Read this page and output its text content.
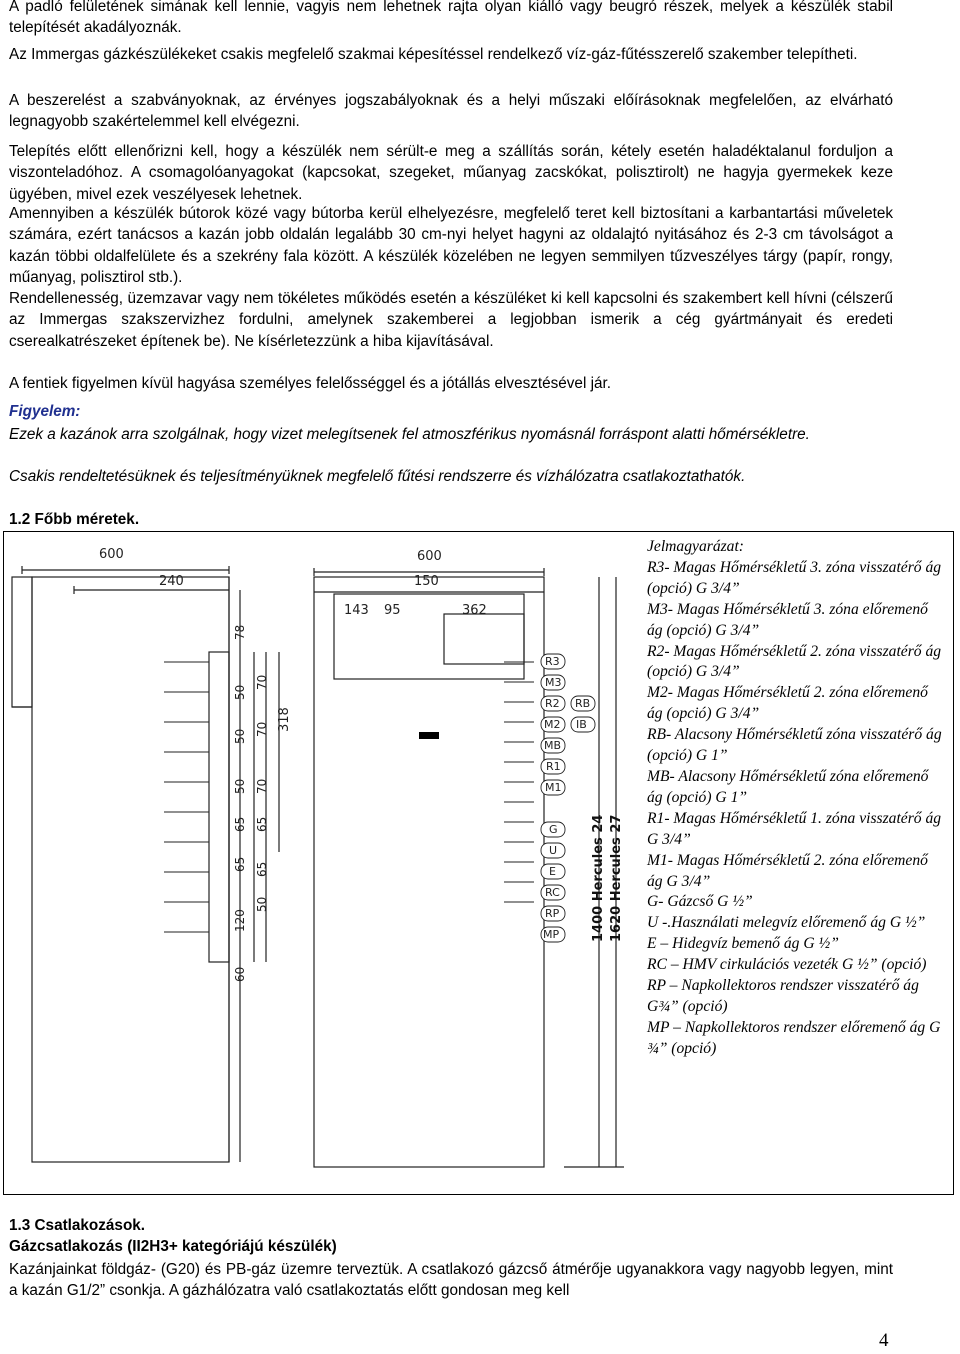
A padló felületének simának kell lennie, vagyis nem lehetnek rajta olyan kiálló vagy beugró részek, melyek a készülék stabil telepítését akadályoznák.

Az Immergas gázkészülékeket csakis megfelelő szakmai képesítéssel rendelkező víz-gáz-fűtésszerelő szakember telepítheti.

A beszerelést a szabványoknak, az érvényes jogszabályoknak és a helyi műszaki előírásoknak megfelelően, az elvárható legnagyobb szakértelemmel kell elvégezni.

Telepítés előtt ellenőrizni kell, hogy a készülék nem sérült-e meg a szállítás során, kétely esetén haladéktalanul forduljon a viszonteladóhoz. A csomagolóanyagokat (kapcsokat, szegeket, műanyag zacskókat, polisztirolt) ne hagyja gyermekek keze ügyében, mivel ezek veszélyesek lehetnek.

Amennyiben a készülék bútorok közé vagy bútorba kerül elhelyezésre, megfelelő teret kell biztosítani a karbantartási műveletek számára, ezért tanácsos a kazán jobb oldalán legalább 30 cm-nyi helyet hagyni az oldalajtó nyitásához és 2-3 cm távolságot a kazán többi oldalfelülete és a szekrény fala között. A készülék közelében ne legyen semmilyen tűzveszélyes tárgy (papír, rongy, műanyag, polisztirol stb.).

Rendellenesség, üzemzavar vagy nem tökéletes működés esetén a készüléket ki kell kapcsolni és szakembert kell hívni (célszerű az Immergas szakszervizhez fordulni, amelynek szakemberei a legjobban ismerik a cég gyártmányait és eredeti cserealkatrészeket építenek be). Ne kísérletezzünk a hiba kijavításával.

A fentiek figyelmen kívül hagyása személyes felelősséggel és a jótállás elvesztésével jár.

Figyelem:

Ezek a kazánok arra szolgálnak, hogy vizet melegítsenek fel atmoszférikus nyomásnál forráspont alatti hőmérsékletre.

Csakis rendeltetésüknek és teljesítményüknek megfelelő fűtési rendszerre és vízhálózatra csatlakoztathatók.

1.2 Főbb méretek.

600	600
240	150
143 95	362
318
78
50
70
50 70
50
65
70
65
65 65
50
120
60
R3
M3
R2
M2
RB
MB
IB
R1
M1
G
U
E
RC
RP
MP 1400 Hercules 24 1620 Hercules 27

Jelmagyarázat:

R3- Magas Hőmérsékletű 3. zóna visszatérő ág (opció) G 3/4”

M3- Magas Hőmérsékletű 3. zóna előremenő ág (opció) G 3/4”

R2- Magas Hőmérsékletű 2. zóna visszatérő ág (opció) G 3/4”

M2- Magas Hőmérsékletű 2. zóna előremenő ág (opció) G 3/4”

RB- Alacsony Hőmérsékletű zóna visszatérő ág (opció) G 1”

MB- Alacsony Hőmérsékletű zóna előremenő ág (opció) G 1”

R1- Magas Hőmérsékletű 1. zóna visszatérő ág G 3/4”

M1- Magas Hőmérsékletű 2. zóna előremenő ág G 3/4”

G- Gázcső G ½”

U -.Használati melegvíz előremenő ág G ½”

E – Hidegvíz bemenő ág G ½”

RC – HMV cirkulációs vezeték G ½” (opció)

RP – Napkollektoros rendszer visszatérő ág G¾” (opció)

MP – Napkollektoros rendszer előremenő ág G ¾” (opció)

1.3 Csatlakozások.

Gázcsatlakozás (II2H3+ kategóriájú készülék)

Kazánjainkat földgáz- (G20) és PB-gáz üzemre terveztük. A csatlakozó gázcső átmérője ugyanakkora vagy nagyobb legyen, mint a kazán G1/2” csonkja. A gázhálózatra való csatlakoztatás előtt gondosan meg kell

4
